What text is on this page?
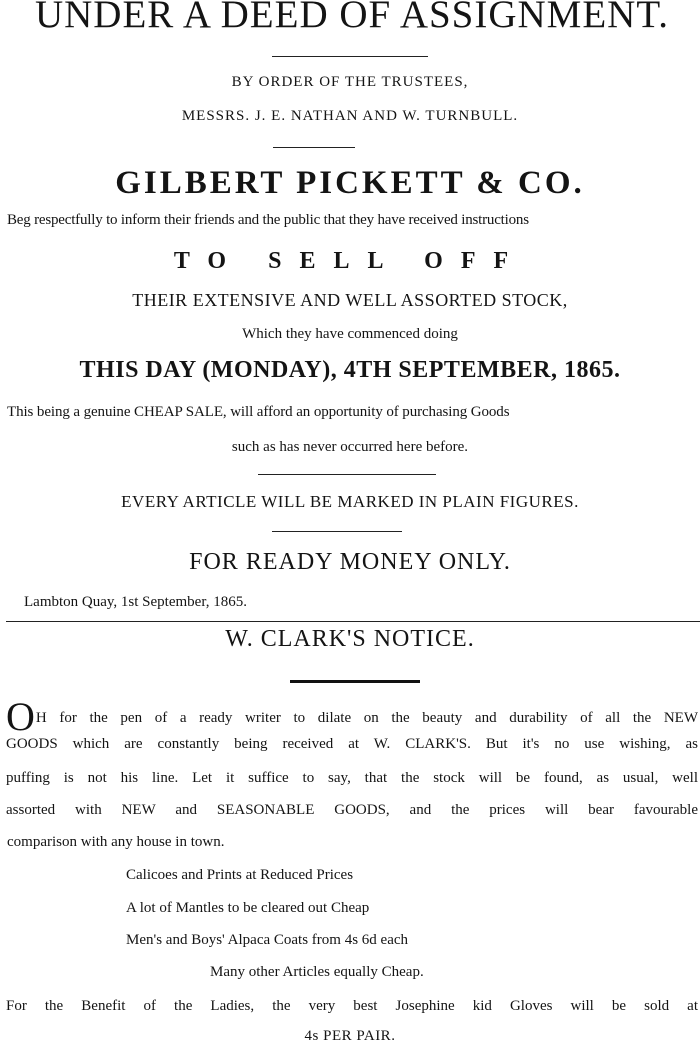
UNDER A DEED OF ASSIGNMENT.
BY ORDER OF THE TRUSTEES,
MESSRS. J. E. NATHAN AND W. TURNBULL.
GILBERT PICKETT & CO.
Beg respectfully to inform their friends and the public that they have received instructions
TO SELL OFF
THEIR EXTENSIVE AND WELL ASSORTED STOCK,
Which they have commenced doing
THIS DAY (MONDAY), 4TH SEPTEMBER, 1865.
This being a genuine CHEAP SALE, will afford an opportunity of purchasing Goods
such as has never occurred here before.
EVERY ARTICLE WILL BE MARKED IN PLAIN FIGURES.
FOR READY MONEY ONLY.
Lambton Quay, 1st September, 1865.
W. CLARK'S NOTICE.
OH for the pen of a ready writer to dilate on the beauty and durability of all the NEW
GOODS which are constantly being received at W. CLARK'S. But it's no use wishing, as
puffing is not his line. Let it suffice to say, that the stock will be found, as usual, well
assorted with NEW and SEASONABLE GOODS, and the prices will bear favourable
comparison with any house in town.
Calicoes and Prints at Reduced Prices
A lot of Mantles to be cleared out Cheap
Men's and Boys' Alpaca Coats from 4s 6d each
Many other Articles equally Cheap.
For the Benefit of the Ladies, the very best Josephine kid Gloves will be sold at
4s PER PAIR.
